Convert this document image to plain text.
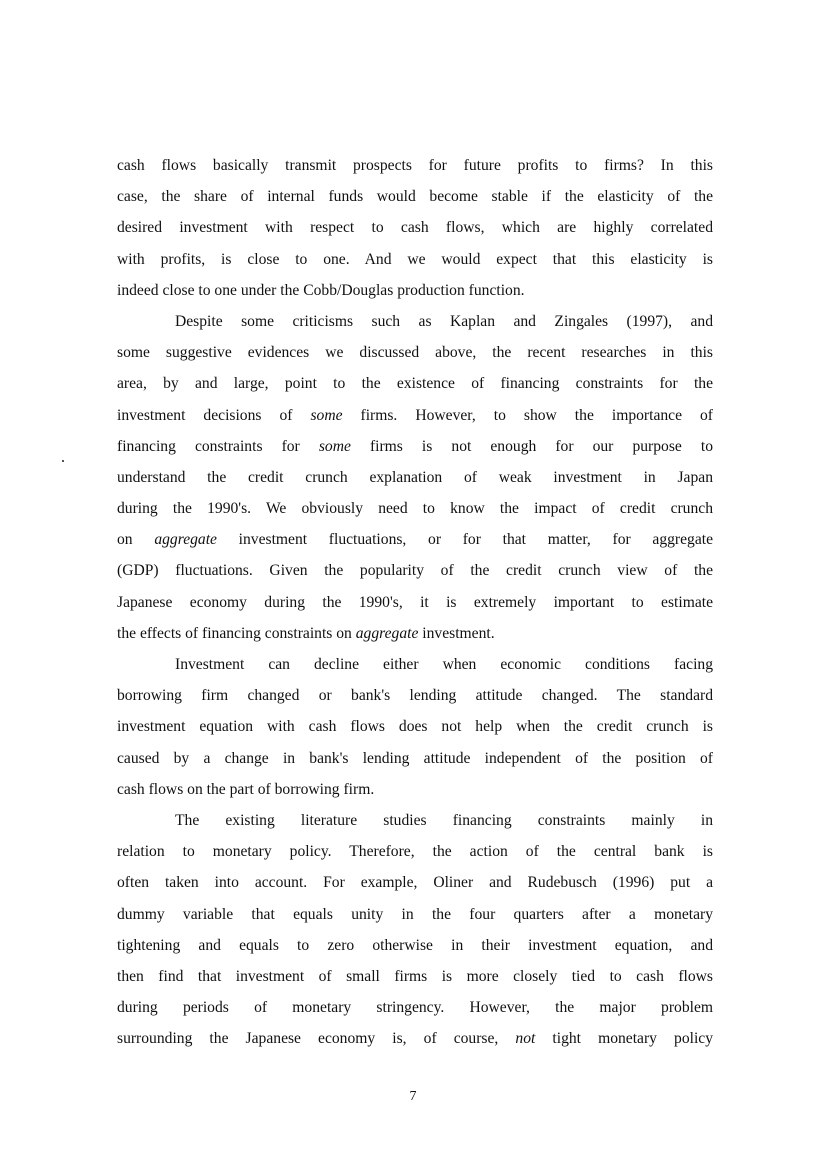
cash flows basically transmit prospects for future profits to firms? In this
case, the share of internal funds would become stable if the elasticity of the
desired investment with respect to cash flows, which are highly correlated
with profits, is close to one. And we would expect that this elasticity is
indeed close to one under the Cobb/Douglas production function.
Despite some criticisms such as Kaplan and Zingales (1997), and
some suggestive evidences we discussed above, the recent researches in this
area, by and large, point to the existence of financing constraints for the
investment decisions of some firms. However, to show the importance of
financing constraints for some firms is not enough for our purpose to
understand the credit crunch explanation of weak investment in Japan
during the 1990's. We obviously need to know the impact of credit crunch
on aggregate investment fluctuations, or for that matter, for aggregate
(GDP) fluctuations. Given the popularity of the credit crunch view of the
Japanese economy during the 1990's, it is extremely important to estimate
the effects of financing constraints on aggregate investment.
Investment can decline either when economic conditions facing
borrowing firm changed or bank's lending attitude changed. The standard
investment equation with cash flows does not help when the credit crunch is
caused by a change in bank's lending attitude independent of the position of
cash flows on the part of borrowing firm.
The existing literature studies financing constraints mainly in
relation to monetary policy. Therefore, the action of the central bank is
often taken into account. For example, Oliner and Rudebusch (1996) put a
dummy variable that equals unity in the four quarters after a monetary
tightening and equals to zero otherwise in their investment equation, and
then find that investment of small firms is more closely tied to cash flows
during periods of monetary stringency. However, the major problem
surrounding the Japanese economy is, of course, not tight monetary policy
7
